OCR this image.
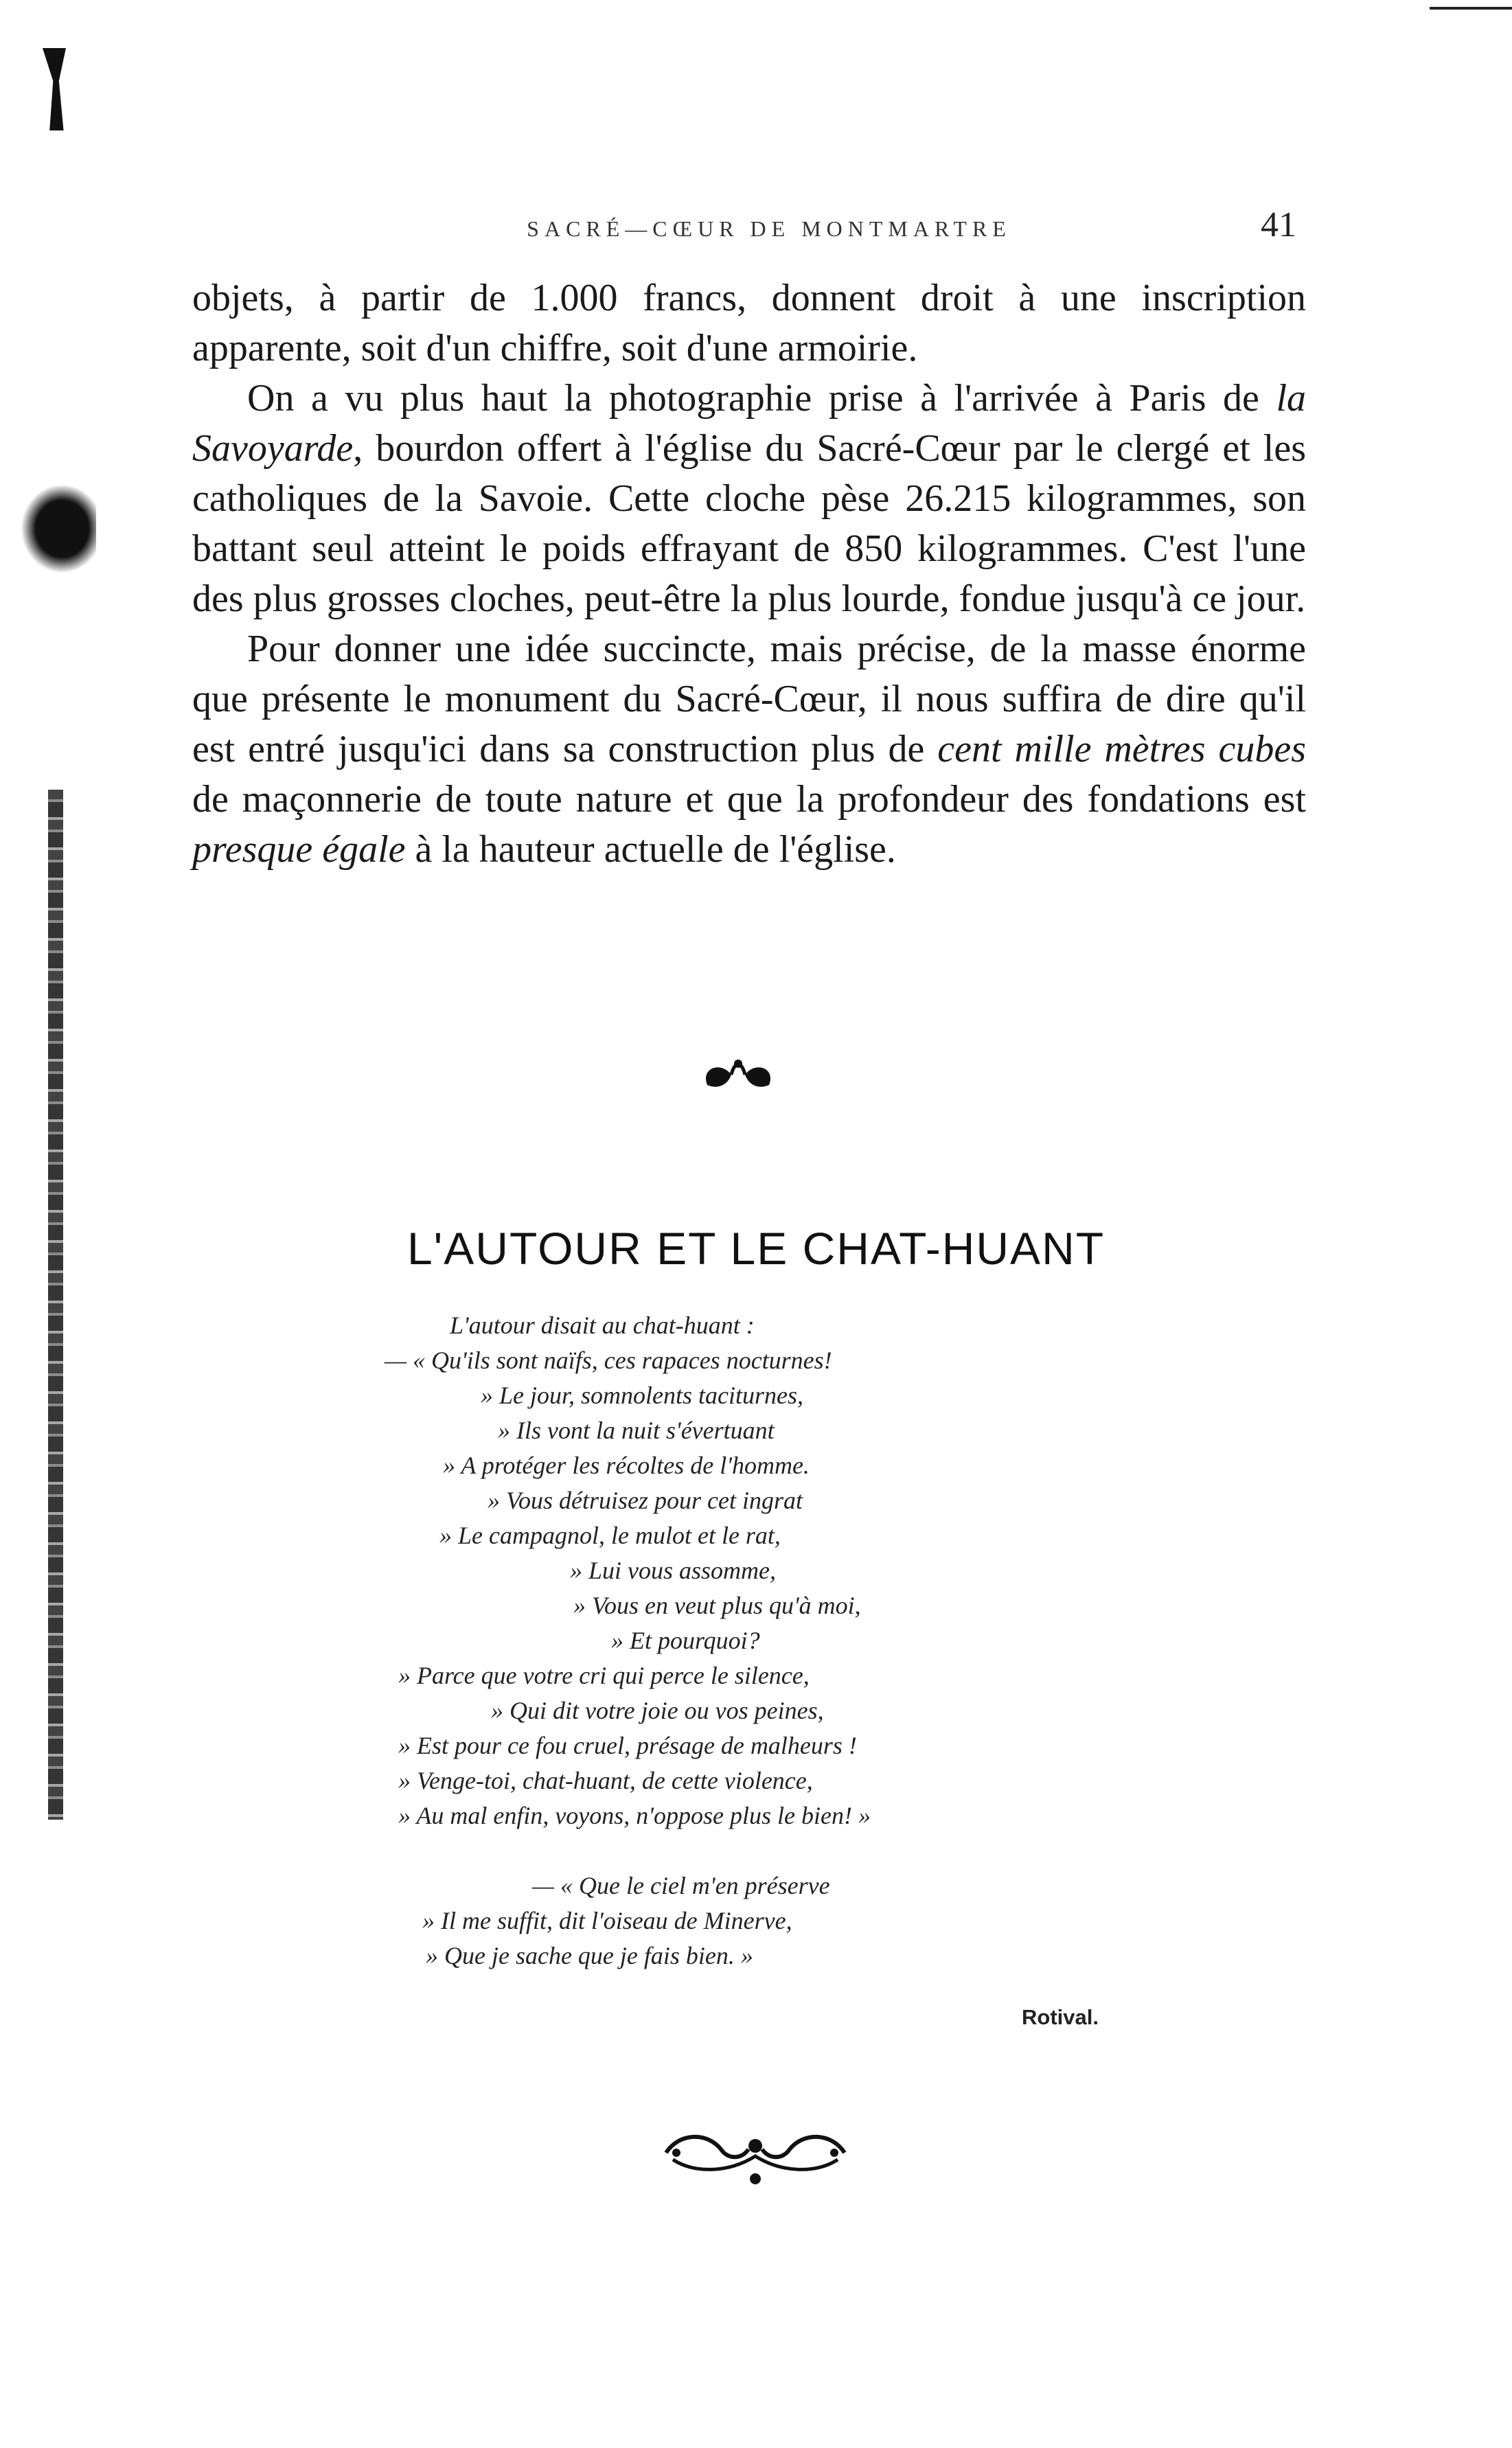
SACRÉ—CŒUR DE MONTMARTRE	41

objets, à partir de 1.000 francs, donnent droit à une inscription apparente, soit d'un chiffre, soit d'une armoirie.

On a vu plus haut la photographie prise à l'arrivée à Paris de la Savoyarde, bourdon offert à l'église du Sacré-Cœur par le clergé et les catholiques de la Savoie. Cette cloche pèse 26.215 kilogrammes, son battant seul atteint le poids effrayant de 850 kilogrammes. C'est l'une des plus grosses cloches, peut-être la plus lourde, fondue jusqu'à ce jour.

Pour donner une idée succincte, mais précise, de la masse énorme que présente le monument du Sacré-Cœur, il nous suffira de dire qu'il est entré jusqu'ici dans sa construction plus de cent mille mètres cubes de maçonnerie de toute nature et que la profondeur des fondations est presque égale à la hauteur actuelle de l'église.

L'AUTOUR ET LE CHAT-HUANT
L'autour disait au chat-huant :
— « Qu'ils sont naïfs, ces rapaces nocturnes!
» Le jour, somnolents taciturnes,
» Ils vont la nuit s'évertuant
» A protéger les récoltes de l'homme.
» Vous détruisez pour cet ingrat
» Le campagnol, le mulot et le rat,
» Lui vous assomme,
» Vous en veut plus qu'à moi,
» Et pourquoi?
» Parce que votre cri qui perce le silence,
» Qui dit votre joie ou vos peines,
» Est pour ce fou cruel, présage de malheurs !
» Venge-toi, chat-huant, de cette violence,
» Au mal enfin, voyons, n'oppose plus le bien! »
— « Que le ciel m'en préserve
» Il me suffit, dit l'oiseau de Minerve,
» Que je sache que je fais bien. »
Rotival.
